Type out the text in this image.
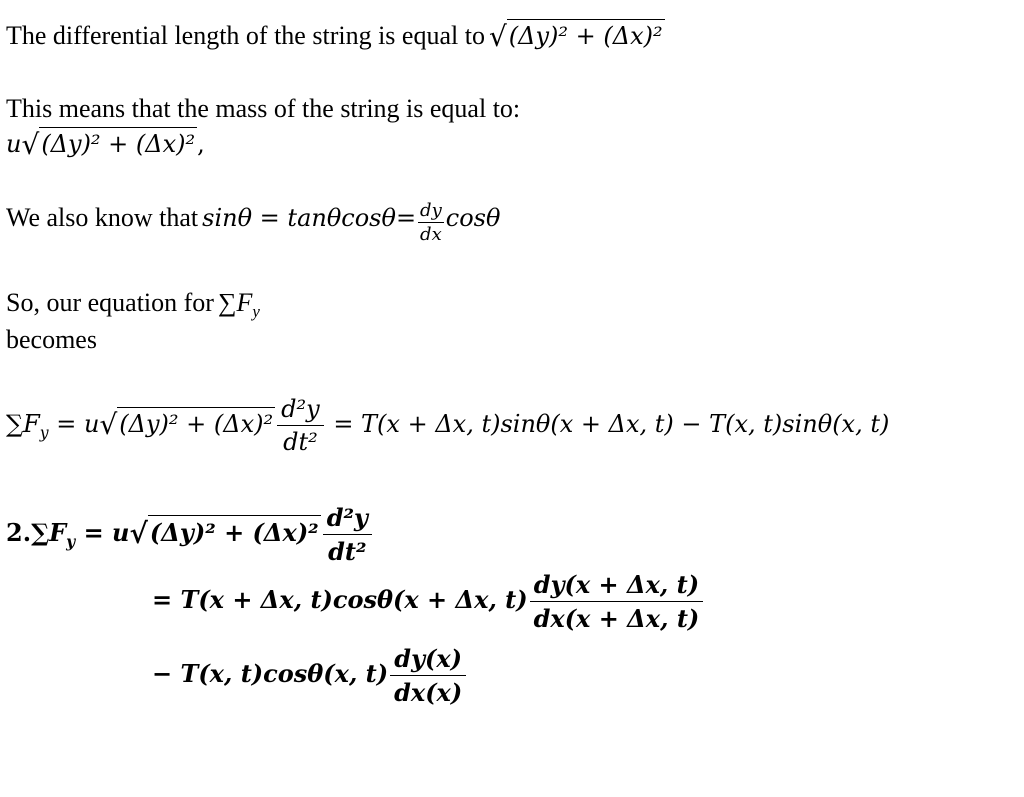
The differential length of the string is equal to √(Δy)² + (Δx)²
This means that the mass of the string is equal to:
u√(Δy)² + (Δx)²,
We also know that $\sin\theta = \tan\theta\cos\theta= \frac{dy}{dx}$ cosθ
So, our equation for $\sum F_y$
becomes
$\sum F_y = u√(\Delta y)^2 + (\Delta x)^2 \frac{\text{d²y}}{\text{dt²}} = T(x + \Delta x$, t)sinθ(x + Δx, t) − T(x, t)sinθ(x, t)
$2.\sum F_y = u√(\Delta y)^2 + (\Delta x)^2 \frac{\text{d²y}}{\text{dt²}}$
= T(x + Δx, t)cosθ(x + Δx, $t) \frac{dy(x + \Delta x, t)}{dx(x + \Delta x, t)}$
− T(x, t)cosθ(x, $t) \frac{dy(x)}{dx(x)}$
